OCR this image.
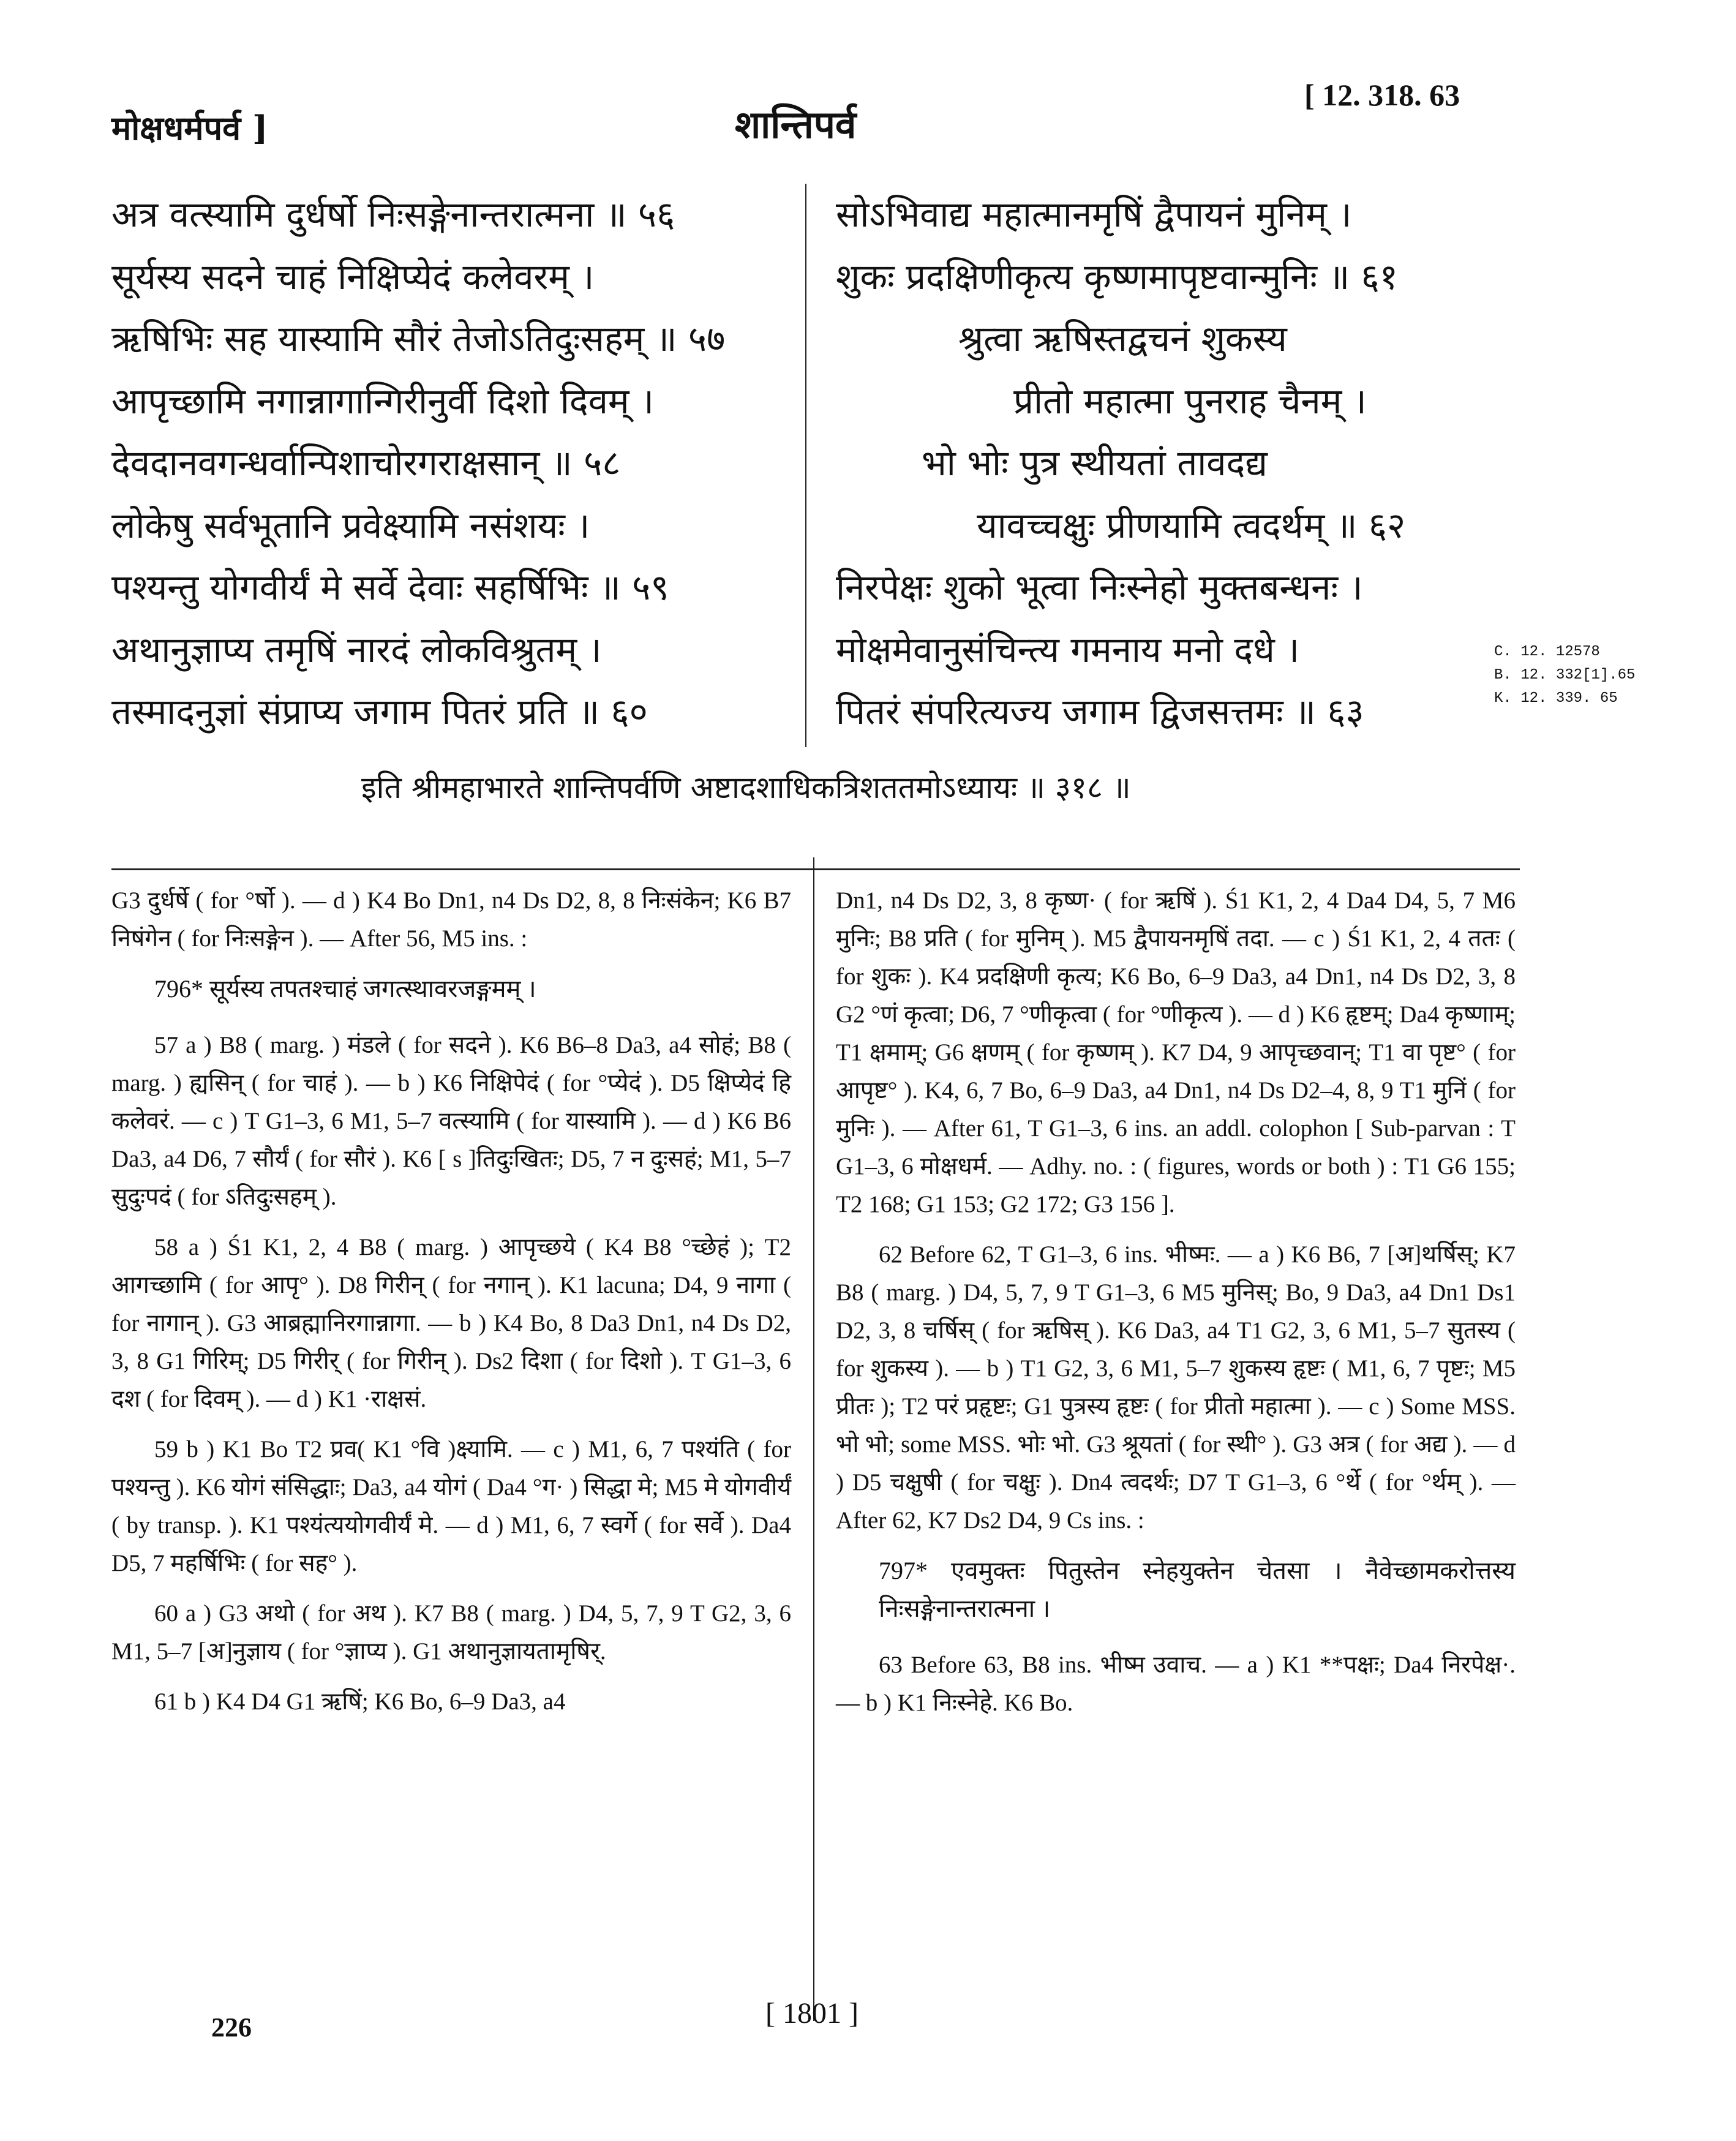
मोक्षधर्मपर्व ]	शान्तिपर्व
[ 12. 318. 63
अत्र वत्स्यामि दुर्धर्षो निःसङ्गेनान्तरात्मना ॥ ५६
सूर्यस्य सदने चाहं निक्षिप्येदं कलेवरम् ।
ऋषिभिः सह यास्यामि सौरं तेजोऽतिदुःसहम् ॥ ५७
आपृच्छामि नगान्नागान्गिरीनुर्वी दिशो दिवम् ।
देवदानवगन्धर्वान्पिशाचोरगराक्षसान् ॥ ५८
लोकेषु सर्वभूतानि प्रवेक्ष्यामि नसंशयः ।
पश्यन्तु योगवीर्यं मे सर्वे देवाः सहर्षिभिः ॥ ५९
अथानुज्ञाप्य तमृषिं नारदं लोकविश्रुतम् ।
तस्मादनुज्ञां संप्राप्य जगाम पितरं प्रति ॥ ६०
सोऽभिवाद्य महात्मानमृषिं द्वैपायनं मुनिम् ।
शुकः प्रदक्षिणीकृत्य कृष्णमापृष्टवान्मुनिः ॥ ६१
श्रुत्वा ऋषिस्तद्वचनं शुकस्य
प्रीतो महात्मा पुनराह चैनम् ।
भो भोः पुत्र स्थीयतां तावदद्य
यावच्चक्षुः प्रीणयामि त्वदर्थम् ॥ ६२
निरपेक्षः शुको भूत्वा निःस्नेहो मुक्तबन्धनः ।
मोक्षमेवानुसंचिन्त्य गमनाय मनो दधे ।
पितरं संपरित्यज्य जगाम द्विजसत्तमः ॥ ६३
C. 12. 12578
B. 12. 332[1].65
K. 12. 339. 65
इति श्रीमहाभारते शान्तिपर्वणि अष्टादशाधिकत्रिशततमोऽध्यायः ॥ ३१८ ॥

G3 दुर्धर्षे ( for °र्षो ). — d ) K4 Bo Dn1, n4 Ds D2, 8, 8 निःसंकेन; K6 B7 निषंगेन ( for निःसङ्गेन ). — After 56, M5 ins. :

796* सूर्यस्य तपतश्चाहं जगत्स्थावरजङ्गमम् ।

57 a ) B8 ( marg. ) मंडले ( for सदने ). K6 B6–8 Da3, a4 सोहं; B8 ( marg. ) ह्यसिन् ( for चाहं ). — b ) K6 निक्षिपेदं ( for °प्येदं ). D5 क्षिप्येदं हि कलेवरं. — c ) T G1–3, 6 M1, 5–7 वत्स्यामि ( for यास्यामि ). — d ) K6 B6 Da3, a4 D6, 7 सौर्यं ( for सौरं ). K6 [ s ]तिदुःखितः; D5, 7 न दुःसहं; M1, 5–7 सुदुःपदं ( for ऽतिदुःसहम् ).

58 a ) Ś1 K1, 2, 4 B8 ( marg. ) आपृच्छये ( K4 B8 °च्छेहं ); T2 आगच्छामि ( for आपृ° ). D8 गिरीन् ( for नगान् ). K1 lacuna; D4, 9 नागा ( for नागान् ). G3 आब्रह्मानिरगान्नागा. — b ) K4 Bo, 8 Da3 Dn1, n4 Ds D2, 3, 8 G1 गिरिम्; D5 गिरीर् ( for गिरीन् ). Ds2 दिशा ( for दिशो ). T G1–3, 6 दश ( for दिवम् ). — d ) K1 ·राक्षसं.

59 b ) K1 Bo T2 प्रव( K1 °वि )क्ष्यामि. — c ) M1, 6, 7 पश्यंति ( for पश्यन्तु ). K6 योगं संसिद्धाः; Da3, a4 योगं ( Da4 °ग· ) सिद्धा मे; M5 मे योगवीर्यं ( by transp. ). K1 पश्यंत्ययोगवीर्यं मे. — d ) M1, 6, 7 स्वर्गे ( for सर्वे ). Da4 D5, 7 महर्षिभिः ( for सह° ).

60 a ) G3 अथो ( for अथ ). K7 B8 ( marg. ) D4, 5, 7, 9 T G2, 3, 6 M1, 5–7 [अ]नुज्ञाय ( for °ज्ञाप्य ). G1 अथानुज्ञायतामृषिर्.

61 b ) K4 D4 G1 ऋषिं; K6 Bo, 6–9 Da3, a4

Dn1, n4 Ds D2, 3, 8 कृष्ण· ( for ऋषिं ). Ś1 K1, 2, 4 Da4 D4, 5, 7 M6 मुनिः; B8 प्रति ( for मुनिम् ). M5 द्वैपायनमृषिं तदा. — c ) Ś1 K1, 2, 4 ततः ( for शुकः ). K4 प्रदक्षिणी कृत्य; K6 Bo, 6–9 Da3, a4 Dn1, n4 Ds D2, 3, 8 G2 °णं कृत्वा; D6, 7 °णीकृत्वा ( for °णीकृत्य ). — d ) K6 हृष्टम्; Da4 कृष्णाम्; T1 क्षमाम्; G6 क्षणम् ( for कृष्णम् ). K7 D4, 9 आपृच्छवान्; T1 वा पृष्ट° ( for आपृष्ट° ). K4, 6, 7 Bo, 6–9 Da3, a4 Dn1, n4 Ds D2–4, 8, 9 T1 मुनिं ( for मुनिः ). — After 61, T G1–3, 6 ins. an addl. colophon [ Sub-parvan : T G1–3, 6 मोक्षधर्म. — Adhy. no. : ( figures, words or both ) : T1 G6 155; T2 168; G1 153; G2 172; G3 156 ].

62 Before 62, T G1–3, 6 ins. भीष्मः. — a ) K6 B6, 7 [अ]थर्षिस्; K7 B8 ( marg. ) D4, 5, 7, 9 T G1–3, 6 M5 मुनिस्; Bo, 9 Da3, a4 Dn1 Ds1 D2, 3, 8 चर्षिस् ( for ऋषिस् ). K6 Da3, a4 T1 G2, 3, 6 M1, 5–7 सुतस्य ( for शुकस्य ). — b ) T1 G2, 3, 6 M1, 5–7 शुकस्य हृष्टः ( M1, 6, 7 पृष्टः; M5 प्रीतः ); T2 परं प्रहृष्टः; G1 पुत्रस्य हृष्टः ( for प्रीतो महात्मा ). — c ) Some MSS. भो भो; some MSS. भोः भो. G3 श्रूयतां ( for स्थी° ). G3 अत्र ( for अद्य ). — d ) D5 चक्षुषी ( for चक्षुः ). Dn4 त्वदर्थः; D7 T G1–3, 6 °र्थे ( for °र्थम् ). — After 62, K7 Ds2 D4, 9 Cs ins. :

797* एवमुक्तः पितुस्तेन स्नेहयुक्तेन चेतसा । नैवेच्छामकरोत्तस्य निःसङ्गेनान्तरात्मना ।

63 Before 63, B8 ins. भीष्म उवाच. — a ) K1 **पक्षः; Da4 निरपेक्ष·. — b ) K1 निःस्नेहे. K6 Bo.

226	[ 1801 ]
